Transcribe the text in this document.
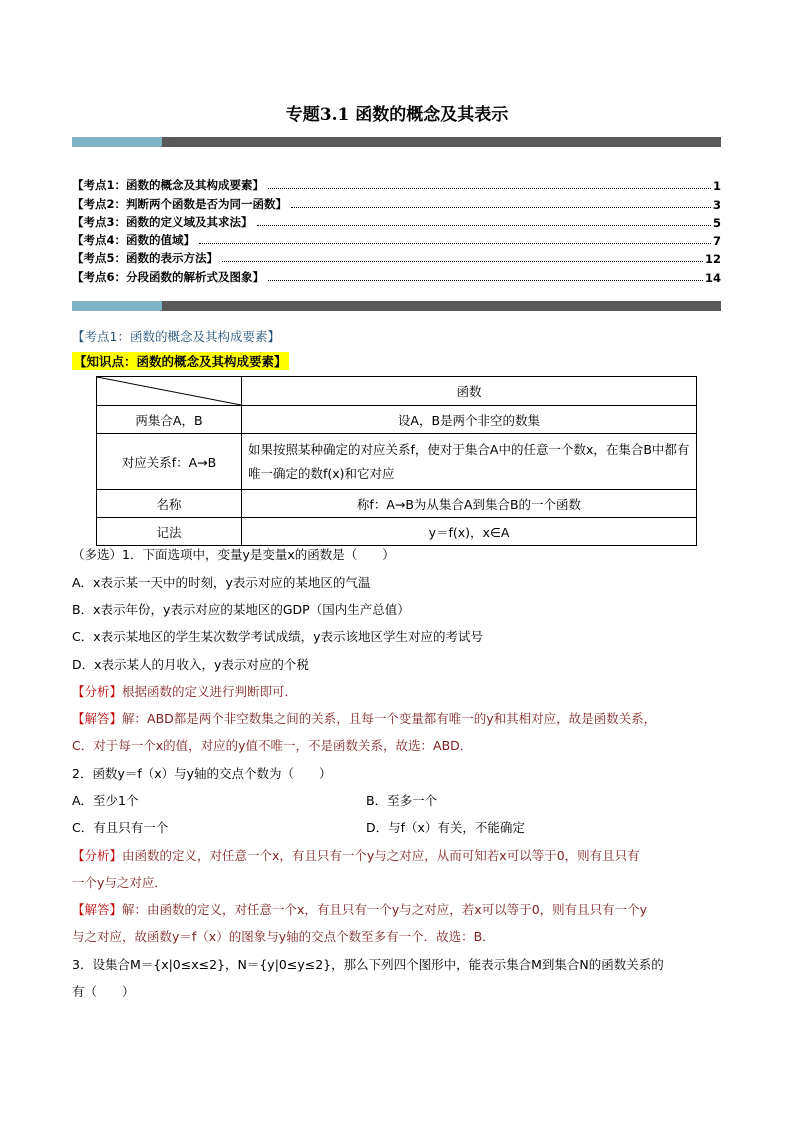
专题3.1 函数的概念及其表示
【考点1：函数的概念及其构成要素】	1
【考点2：判断两个函数是否为同一函数】	3
【考点3：函数的定义域及其求法】	5
【考点4：函数的值域】	7
【考点5：函数的表示方法】	12
【考点6：分段函数的解析式及图象】	14
【考点1：函数的概念及其构成要素】
【知识点：函数的概念及其构成要素】
	函数
两集合A，B	设A，B是两个非空的数集
对应关系f：A→B	如果按照某种确定的对应关系f，使对于集合A中的任意一个数x，在集合B中都有唯一确定的数f(x)和它对应
名称	称f：A→B为从集合A到集合B的一个函数
记法	y＝f(x)，x∈A
（多选）1．下面选项中，变量y是变量x的函数是（　　）
A．x表示某一天中的时刻，y表示对应的某地区的气温
B．x表示年份，y表示对应的某地区的GDP（国内生产总值）
C．x表示某地区的学生某次数学考试成绩，y表示该地区学生对应的考试号
D．x表示某人的月收入，y表示对应的个税
【分析】根据函数的定义进行判断即可．
【解答】解：ABD都是两个非空数集之间的关系，且每一个变量都有唯一的y和其相对应，故是函数关系，
C．对于每一个x的值，对应的y值不唯一，不是函数关系，故选：ABD．
2．函数y＝f（x）与y轴的交点个数为（　　）
A．至少1个	B．至多一个
C．有且只有一个	D．与f（x）有关，不能确定
【分析】由函数的定义，对任意一个x，有且只有一个y与之对应，从而可知若x可以等于0，则有且只有
一个y与之对应．
【解答】解：由函数的定义，对任意一个x，有且只有一个y与之对应，若x可以等于0，则有且只有一个y
与之对应，故函数y＝f（x）的图象与y轴的交点个数至多有一个．故选：B．
3．设集合M＝{x|0≤x≤2}，N＝{y|0≤y≤2}，那么下列四个图形中，能表示集合M到集合N的函数关系的
有（　　）
